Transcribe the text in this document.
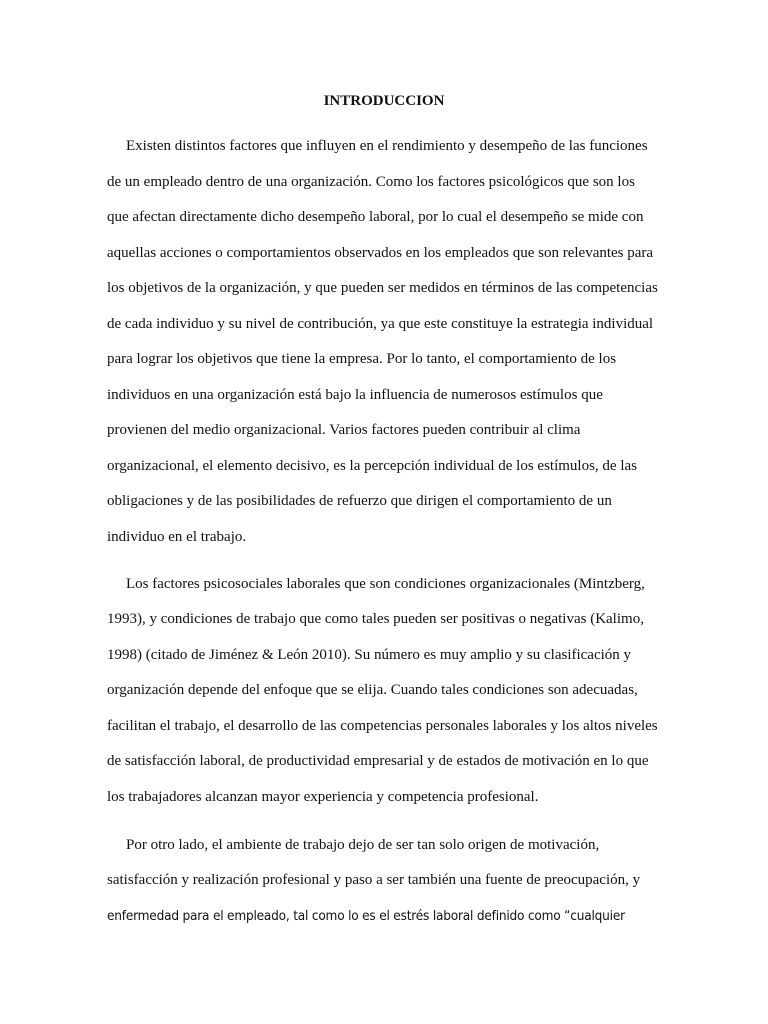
INTRODUCCION
Existen distintos factores que influyen en el rendimiento y desempeño de las funciones
de un empleado dentro de una organización. Como los factores psicológicos que son los
que afectan directamente dicho desempeño laboral, por lo cual el desempeño se mide con
aquellas acciones o comportamientos observados en los empleados que son relevantes para
los objetivos de la organización, y que pueden ser medidos en términos de las competencias
de cada individuo y su nivel de contribución, ya que este constituye la estrategia individual
para lograr los objetivos que tiene la empresa. Por lo tanto, el comportamiento de los
individuos en una organización está bajo la influencia de numerosos estímulos que
provienen del medio organizacional. Varios factores pueden contribuir al clima
organizacional, el elemento decisivo, es la percepción individual de los estímulos, de las
obligaciones y de las posibilidades de refuerzo que dirigen el comportamiento de un
individuo en el trabajo.
Los factores psicosociales laborales que son condiciones organizacionales (Mintzberg,
1993), y condiciones de trabajo que como tales pueden ser positivas o negativas (Kalimo,
1998) (citado de Jiménez & León 2010). Su número es muy amplio y su clasificación y
organización depende del enfoque que se elija. Cuando tales condiciones son adecuadas,
facilitan el trabajo, el desarrollo de las competencias personales laborales y los altos niveles
de satisfacción laboral, de productividad empresarial y de estados de motivación en lo que
los trabajadores alcanzan mayor experiencia y competencia profesional.
Por otro lado, el ambiente de trabajo dejo de ser tan solo origen de motivación,
satisfacción y realización profesional y paso a ser también una fuente de preocupación, y
enfermedad para el empleado, tal como lo es el estrés laboral definido como “cualquier
